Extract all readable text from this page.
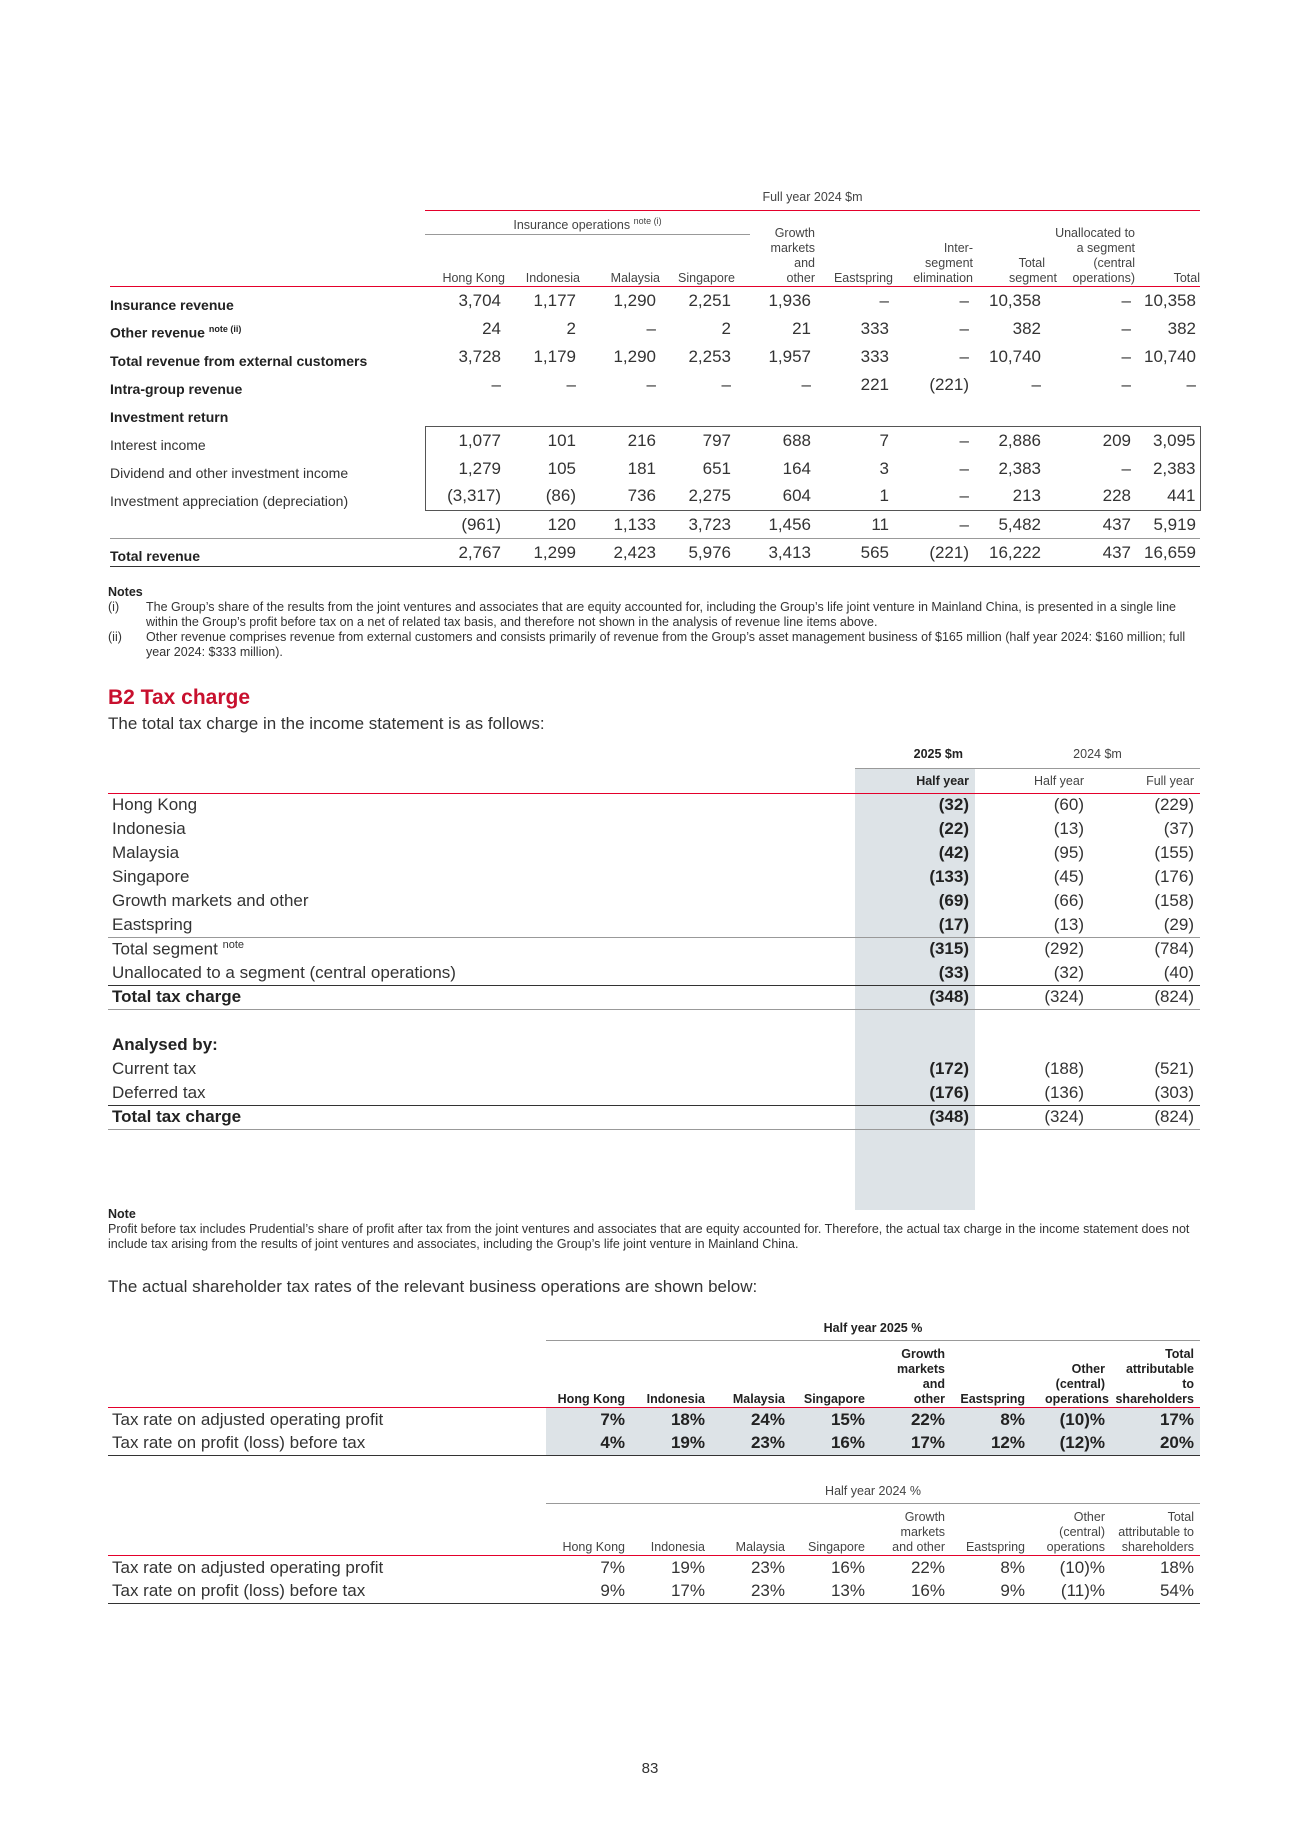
Full year 2024 $m
Insurance operations $^{note (i)}$
	Hong Kong	Indonesia	Malaysia	Singapore	Growth markets and other	Eastspring	Inter-segment elimination	Total segment	Unallocated to a segment (central operations)	Total
Insurance revenue	3,704	1,177	1,290	2,251	1,936	–	–	10,358	–	10,358
Other revenue $^{note (ii)}$	24	2	–	2	21	333	–	382	–	382
Total revenue from external customers	3,728	1,179	1,290	2,253	1,957	333	–	10,740	–	10,740
Intra-group revenue	–	–	–	–	–	221	(221)	–	–	–
Investment return										
Interest income	1,077	101	216	797	688	7	–	2,886	209	3,095
Dividend and other investment income	1,279	105	181	651	164	3	–	2,383	–	2,383
Investment appreciation (depreciation)	(3,317)	(86)	736	2,275	604	1	–	213	228	441
	(961)	120	1,133	3,723	1,456	11	–	5,482	437	5,919
Total revenue	2,767	1,299	2,423	5,976	3,413	565	(221)	16,222	437	16,659
Notes
(i)	The Group’s share of the results from the joint ventures and associates that are equity accounted for, including the Group’s life joint venture in Mainland China, is presented in a single line within the Group’s profit before tax on a net of related tax basis, and therefore not shown in the analysis of revenue line items above.
(ii)	Other revenue comprises revenue from external customers and consists primarily of revenue from the Group’s asset management business of $165 million (half year 2024: $160 million; full year 2024: $333 million).
B2 Tax charge
The total tax charge in the income statement is as follows:
	2025 $m	2024 $m	
	Half year	Half year	Full year
Hong Kong	(32)	(60)	(229)
Indonesia	(22)	(13)	(37)
Malaysia	(42)	(95)	(155)
Singapore	(133)	(45)	(176)
Growth markets and other	(69)	(66)	(158)
Eastspring	(17)	(13)	(29)
Total segment $^{note}$	(315)	(292)	(784)
Unallocated to a segment (central operations)	(33)	(32)	(40)
Total tax charge	(348)	(324)	(824)

Analysed by:			
Current tax	(172)	(188)	(521)
Deferred tax	(176)	(136)	(303)
Total tax charge	(348)	(324)	(824)
Note
Profit before tax includes Prudential’s share of profit after tax from the joint ventures and associates that are equity accounted for. Therefore, the actual tax charge in the income statement does not include tax arising from the results of joint ventures and associates, including the Group’s life joint venture in Mainland China.
The actual shareholder tax rates of the relevant business operations are shown below:
Half year 2025 %
	Hong Kong	Indonesia	Malaysia	Singapore	Growth markets and other	Eastspring	Other (central) operations	Total attributable to shareholders
Tax rate on adjusted operating profit	7%	18%	24%	15%	22%	8%	(10)%	17%
Tax rate on profit (loss) before tax	4%	19%	23%	16%	17%	12%	(12)%	20%
Half year 2024 %
	Hong Kong	Indonesia	Malaysia	Singapore	Growth markets and other	Eastspring	Other (central) operations	Total attributable to shareholders
Tax rate on adjusted operating profit	7%	19%	23%	16%	22%	8%	(10)%	18%
Tax rate on profit (loss) before tax	9%	17%	23%	13%	16%	9%	(11)%	54%
83
